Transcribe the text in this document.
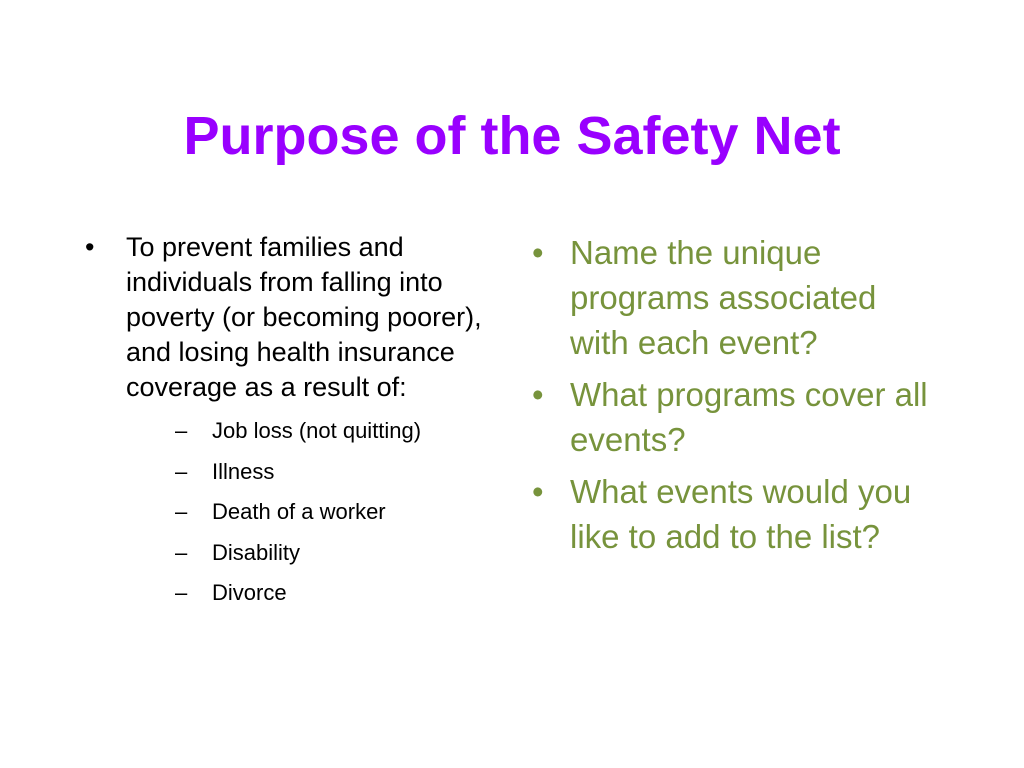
Purpose of the Safety Net
•	To prevent families and individuals from falling into poverty (or becoming poorer), and losing health insurance coverage as a result of:
–	Job loss (not quitting)
–	Illness
–	Death of a worker
–	Disability
–	Divorce
• Name the unique programs associated with each event?
• What programs cover all events?
• What events would you like to add to the list?
